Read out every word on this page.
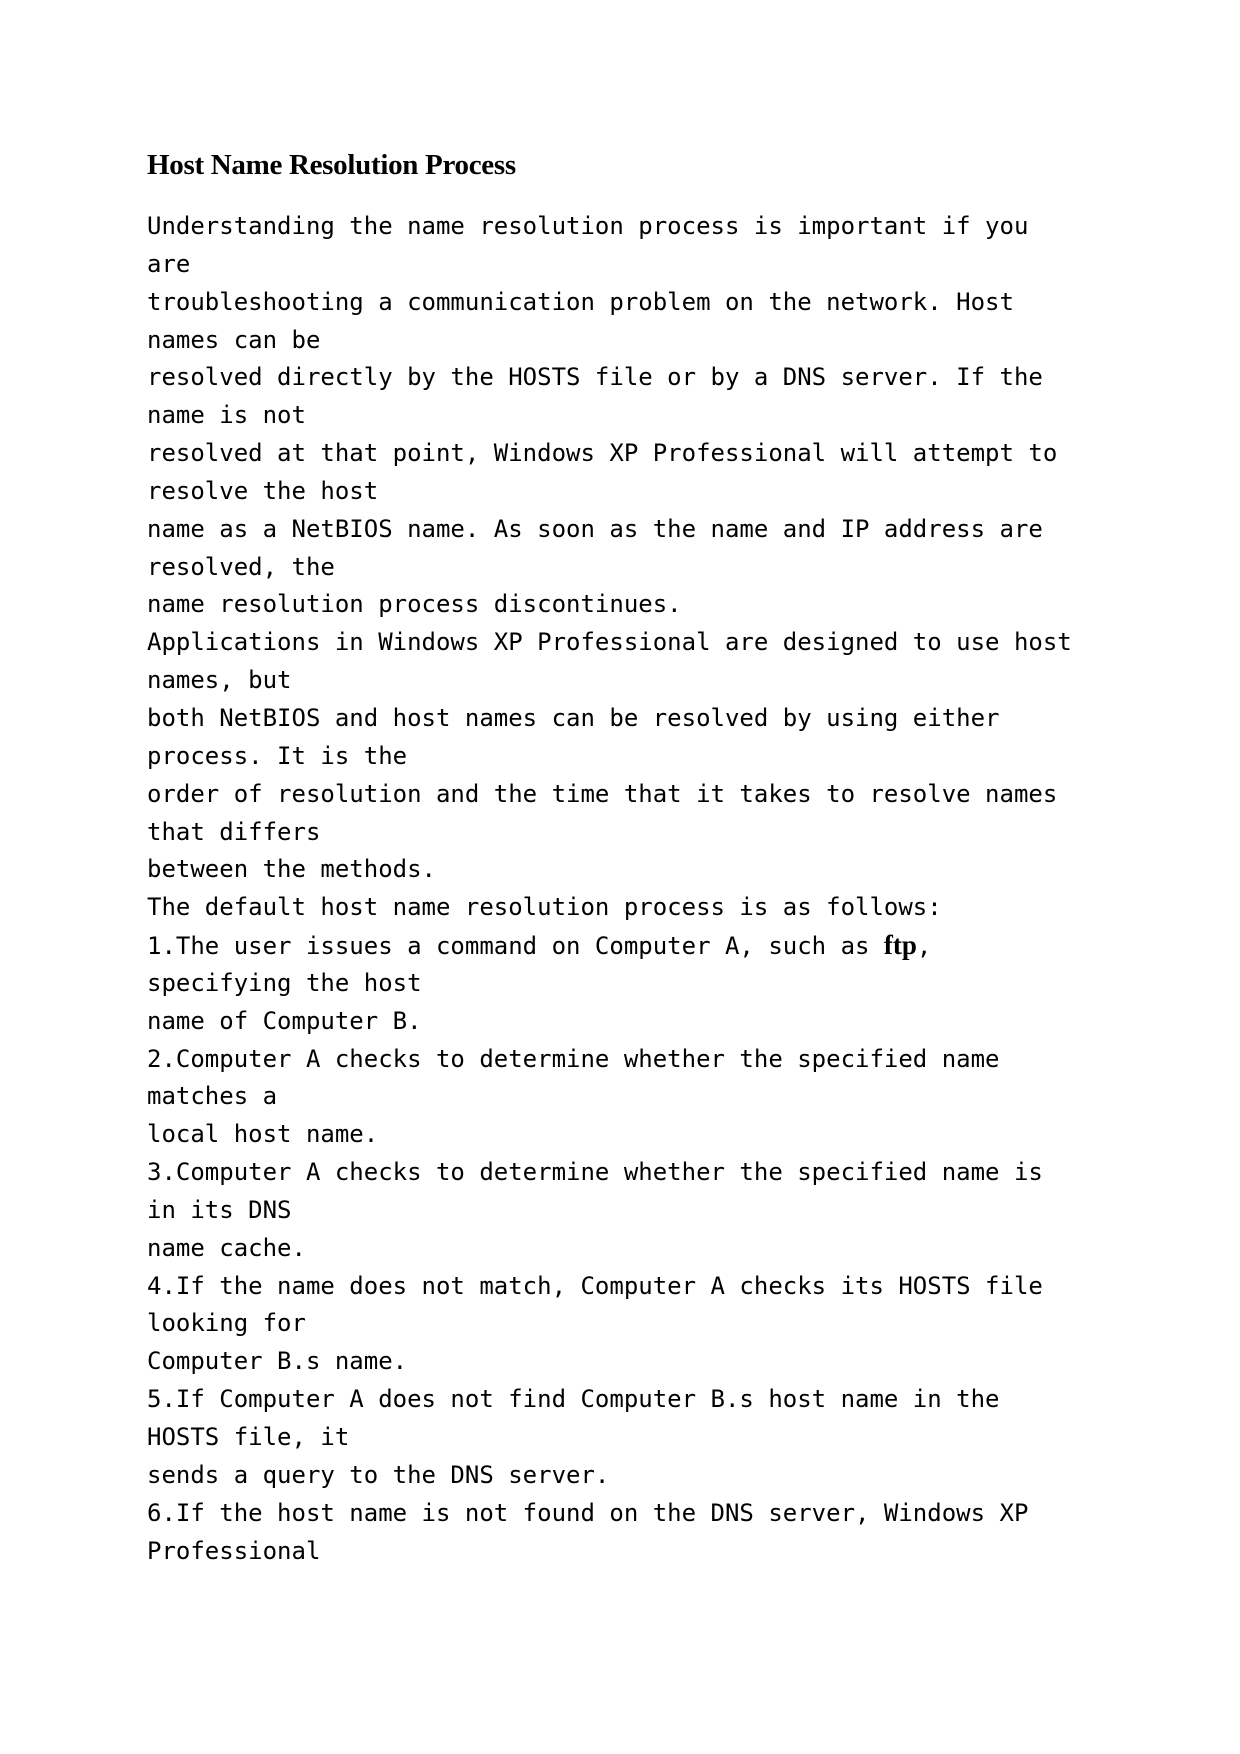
Host Name Resolution Process
Understanding the name resolution process is important if you
are
troubleshooting a communication problem on the network. Host
names can be
resolved directly by the HOSTS file or by a DNS server. If the
name is not
resolved at that point, Windows XP Professional will attempt to
resolve the host
name as a NetBIOS name. As soon as the name and IP address are
resolved, the
name resolution process discontinues.
Applications in Windows XP Professional are designed to use host
names, but
both NetBIOS and host names can be resolved by using either
process. It is the
order of resolution and the time that it takes to resolve names
that differs
between the methods.
The default host name resolution process is as follows:
1.The user issues a command on Computer A, such as ftp,
specifying the host
name of Computer B.
2.Computer A checks to determine whether the specified name
matches a
local host name.
3.Computer A checks to determine whether the specified name is
in its DNS
name cache.
4.If the name does not match, Computer A checks its HOSTS file
looking for
Computer B.s name.
5.If Computer A does not find Computer B.s host name in the
HOSTS file, it
sends a query to the DNS server.
6.If the host name is not found on the DNS server, Windows XP
Professional
